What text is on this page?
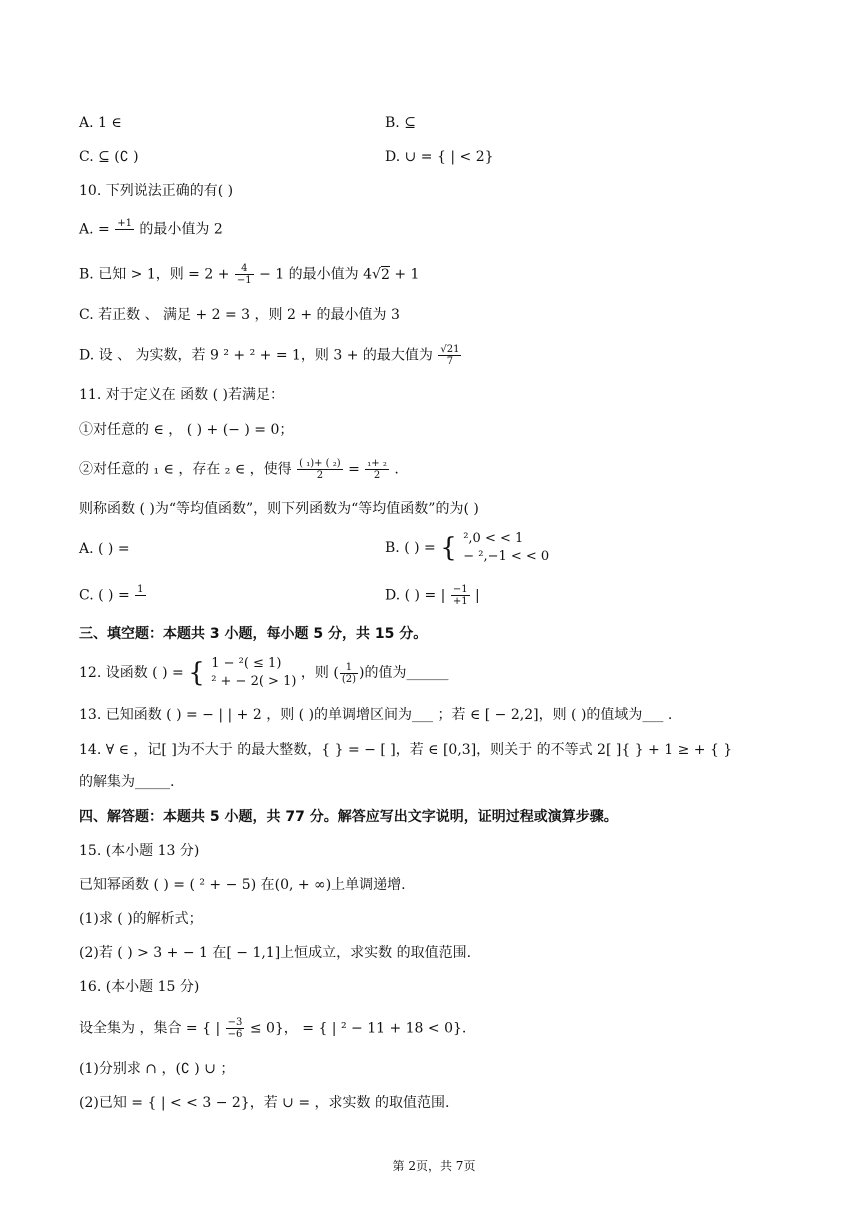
A. 1 ∈	B. ⊆
C. ⊆ (∁ )	D. ∪ = { | < 2}
10. 下列说法正确的有( )
A. = +1
的最小值为 2
B. 已知 > 1，则 = $2 + \frac{4}{-1} - 1$ 的最小值为 4√2 + 1
C. 若正数 、 满足 + 2 = 3 ，则 2 + 的最小值为 3
D. 设 、 为实数，若 9 ² + ² + = 1，则 3 + 的最大值为 $\frac{√21}{7}$
11. 对于定义在 函数 ( )若满足：
①对任意的 ∈ ， ( ) + (− ) = 0；
②对任意的 ₁ ∈ ，存在 ₂ ∈ ，使得 $\frac{\text{( ₁)+ ( ₂)}}{2} = \frac{\text{₁+ ₂}}{2}$ .
则称函数 ( )为“等均值函数”，则下列函数为“等均值函数”的为( )
A. ( ) =	B. ( ) = { ²,0 < < 1
− ²,−1 < < 0
C. ( ) = 1
	D. ( ) = | $\frac{-1}{+1}$ |
三、填空题：本题共 3 小题，每小题 5 分，共 15 分。
12. 设函数 ( ) = { 1 − ²( ≤ 1)
² + − 2( > 1)
，则 ( $\frac{1}{(2)}$ )的值为______
13. 已知函数 ( ) = − | | + 2 ，则 ( )的单调增区间为___ ；若 ∈ [ − 2,2]，则 ( )的值域为___ .
14. ∀ ∈ ，记[ ]为不大于 的最大整数，{ } = − [ ]，若 ∈ [0,3]，则关于 的不等式 2[ ]{ } + 1 ≥ + { }
的解集为_____.
四、解答题：本题共 5 小题，共 77 分。解答应写出文字说明，证明过程或演算步骤。
15. (本小题 13 分)
已知幂函数 ( ) = ( ² + − 5) 在(0, + ∞)上单调递增.
(1)求 ( )的解析式；
(2)若 ( ) > 3 + − 1 在[ − 1,1]上恒成立，求实数 的取值范围.
16. (本小题 15 分)
设全集为 ，集合 = { | $\frac{-3}{-6} \le 0$}， = { | ² − 11 + 18 < 0}.
(1)分别求 ∩ ，(∁ ) ∪ ；
(2)已知 = { | < < 3 − 2}，若 ∪ = ，求实数 的取值范围.
第 2页，共 7页
